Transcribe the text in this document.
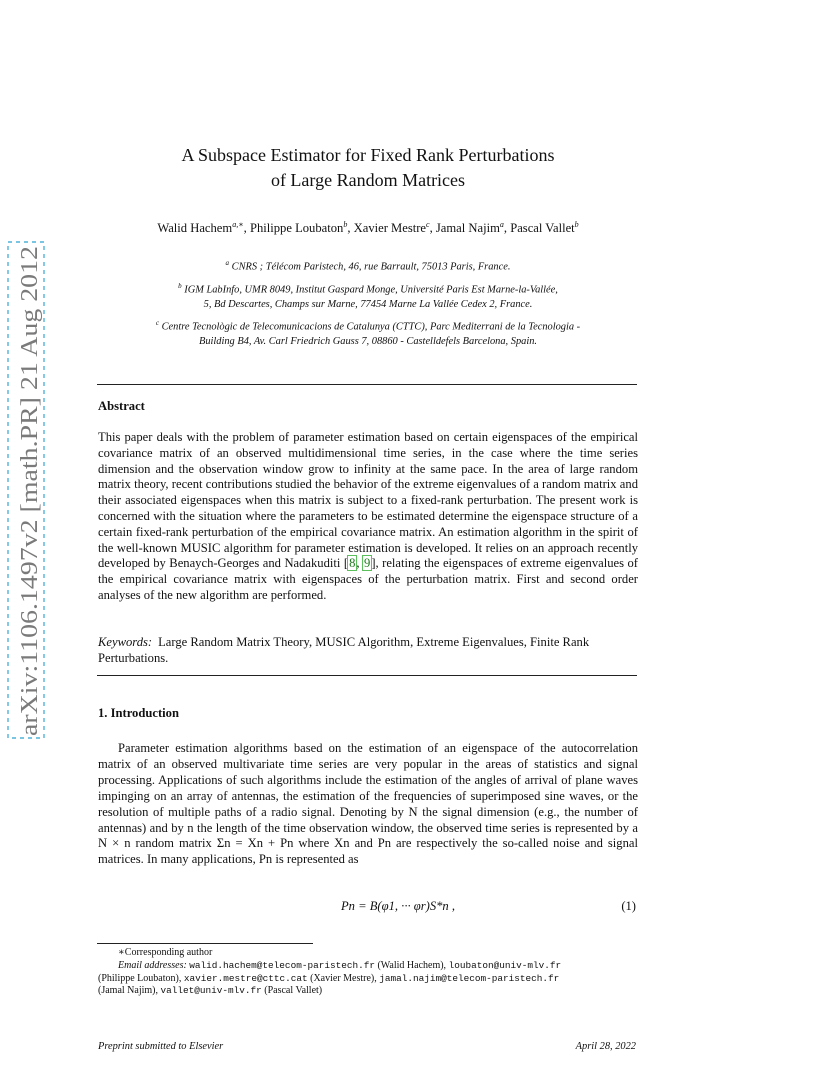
arXiv:1106.1497v2 [math.PR] 21 Aug 2012
A Subspace Estimator for Fixed Rank Perturbations
of Large Random Matrices
Walid Hachem$^{a,∗}$, Philippe Loubaton$^b$, Xavier Mestre$^c$, Jamal Najim$^a$, Pascal Vallet$^b$
$^a$ CNRS ; Télécom Paristech, 46, rue Barrault, 75013 Paris, France.
$^b$ IGM LabInfo, UMR 8049, Institut Gaspard Monge, Université Paris Est Marne-la-Vallée,
5, Bd Descartes, Champs sur Marne, 77454 Marne La Vallée Cedex 2, France.
$^c$ Centre Tecnològic de Telecomunicacions de Catalunya (CTTC), Parc Mediterrani de la Tecnologia -
Building B4, Av. Carl Friedrich Gauss 7, 08860 - Castelldefels Barcelona, Spain.
Abstract

This paper deals with the problem of parameter estimation based on certain eigenspaces of the empirical covariance matrix of an observed multidimensional time series, in the case where the time series dimension and the observation window grow to infinity at the same pace. In the area of large random matrix theory, recent contributions studied the behavior of the extreme eigenvalues of a random matrix and their associated eigenspaces when this matrix is subject to a fixed-rank perturbation. The present work is concerned with the situation where the parameters to be estimated determine the eigenspace structure of a certain fixed-rank perturbation of the empirical covariance matrix. An estimation algorithm in the spirit of the well-known MUSIC algorithm for parameter estimation is developed. It relies on an approach recently developed by Benaych-Georges and Nadakuditi [8, 9], relating the eigenspaces of extreme eigenvalues of the empirical covariance matrix with eigenspaces of the perturbation matrix. First and second order analyses of the new algorithm are performed.

Keywords: Large Random Matrix Theory, MUSIC Algorithm, Extreme Eigenvalues, Finite Rank Perturbations.
1. Introduction

Parameter estimation algorithms based on the estimation of an eigenspace of the autocorrelation matrix of an observed multivariate time series are very popular in the areas of statistics and signal processing. Applications of such algorithms include the estimation of the angles of arrival of plane waves impinging on an array of antennas, the estimation of the frequencies of superimposed sine waves, or the resolution of multiple paths of a radio signal. Denoting by N the signal dimension (e.g., the number of antennas) and by n the length of the time observation window, the observed time series is represented by a N × n random matrix Σn = Xn + Pn where Xn and Pn are respectively the so-called noise and signal matrices. In many applications, Pn is represented as

Pn = B(φ1, ··· φr)S*n ,	(1)
∗Corresponding author
Email addresses: walid.hachem@telecom-paristech.fr (Walid Hachem), loubaton@univ-mlv.fr
(Philippe Loubaton), xavier.mestre@cttc.cat (Xavier Mestre), jamal.najim@telecom-paristech.fr
(Jamal Najim), vallet@univ-mlv.fr (Pascal Vallet)
Preprint submitted to Elsevier	April 28, 2022
